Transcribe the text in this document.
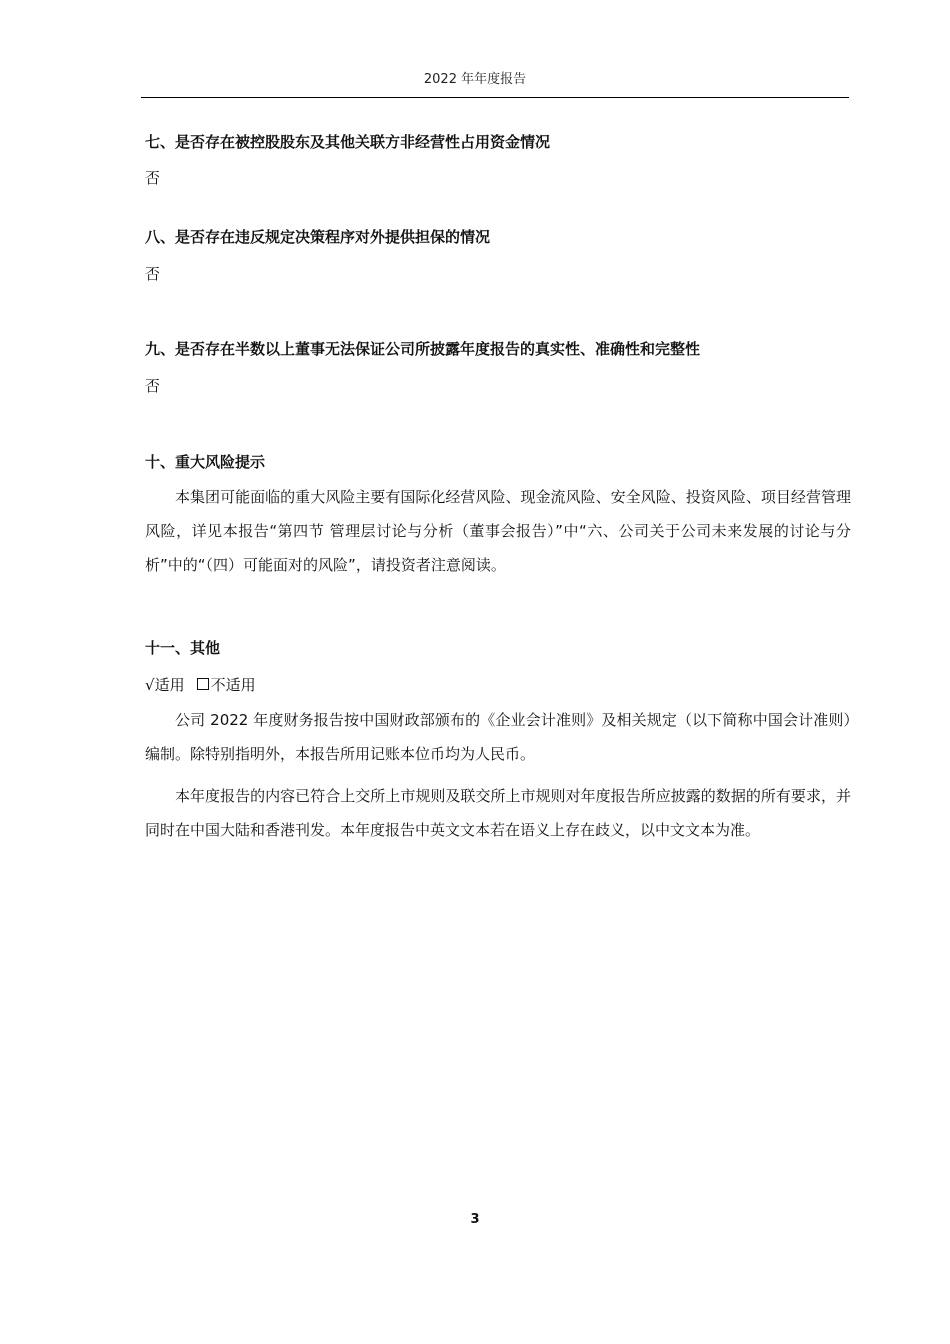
2022 年年度报告
七、是否存在被控股股东及其他关联方非经营性占用资金情况
否
八、是否存在违反规定决策程序对外提供担保的情况
否
九、是否存在半数以上董事无法保证公司所披露年度报告的真实性、准确性和完整性
否
十、重大风险提示

本集团可能面临的重大风险主要有国际化经营风险、现金流风险、安全风险、投资风险、项目经营管理风险，详见本报告“第四节 管理层讨论与分析（董事会报告）”中“六、公司关于公司未来发展的讨论与分析”中的“（四）可能面对的风险”，请投资者注意阅读。

十一、其他
√适用 不适用

公司 2022 年度财务报告按中国财政部颁布的《企业会计准则》及相关规定（以下简称中国会计准则）编制。除特别指明外，本报告所用记账本位币均为人民币。

本年度报告的内容已符合上交所上市规则及联交所上市规则对年度报告所应披露的数据的所有要求，并同时在中国大陆和香港刊发。本年度报告中英文文本若在语义上存在歧义，以中文文本为准。

3
